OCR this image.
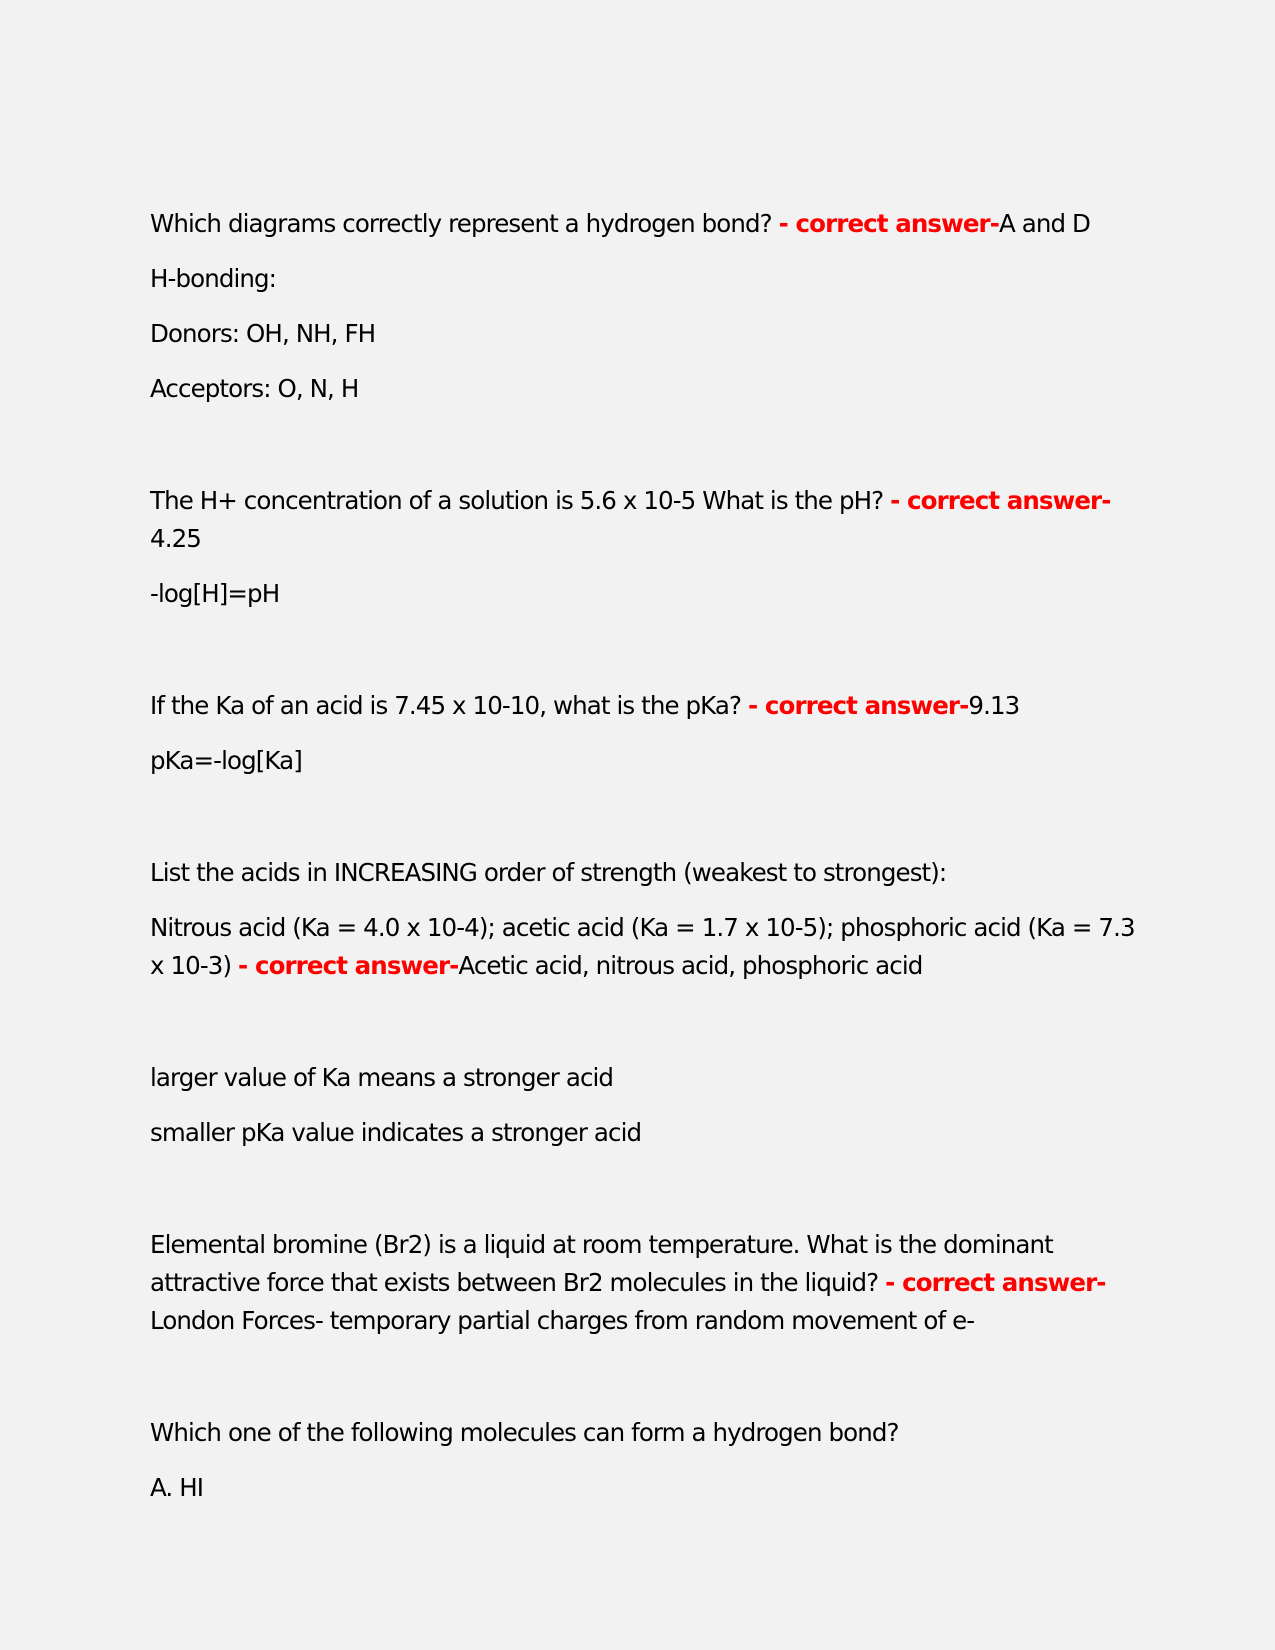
Which diagrams correctly represent a hydrogen bond? - correct answer-A and D
H-bonding:
Donors: OH, NH, FH
Acceptors: O, N, H
The H+ concentration of a solution is 5.6 x 10-5 What is the pH? - correct answer-
4.25
-log[H]=pH
If the Ka of an acid is 7.45 x 10-10, what is the pKa? - correct answer-9.13
pKa=-log[Ka]
List the acids in INCREASING order of strength (weakest to strongest):
Nitrous acid (Ka = 4.0 x 10-4); acetic acid (Ka = 1.7 x 10-5); phosphoric acid (Ka = 7.3 x 10-3) - correct answer-Acetic acid, nitrous acid, phosphoric acid
larger value of Ka means a stronger acid
smaller pKa value indicates a stronger acid
Elemental bromine (Br2) is a liquid at room temperature. What is the dominant attractive force that exists between Br2 molecules in the liquid? - correct answer-
London Forces- temporary partial charges from random movement of e-
Which one of the following molecules can form a hydrogen bond?
A. HI
